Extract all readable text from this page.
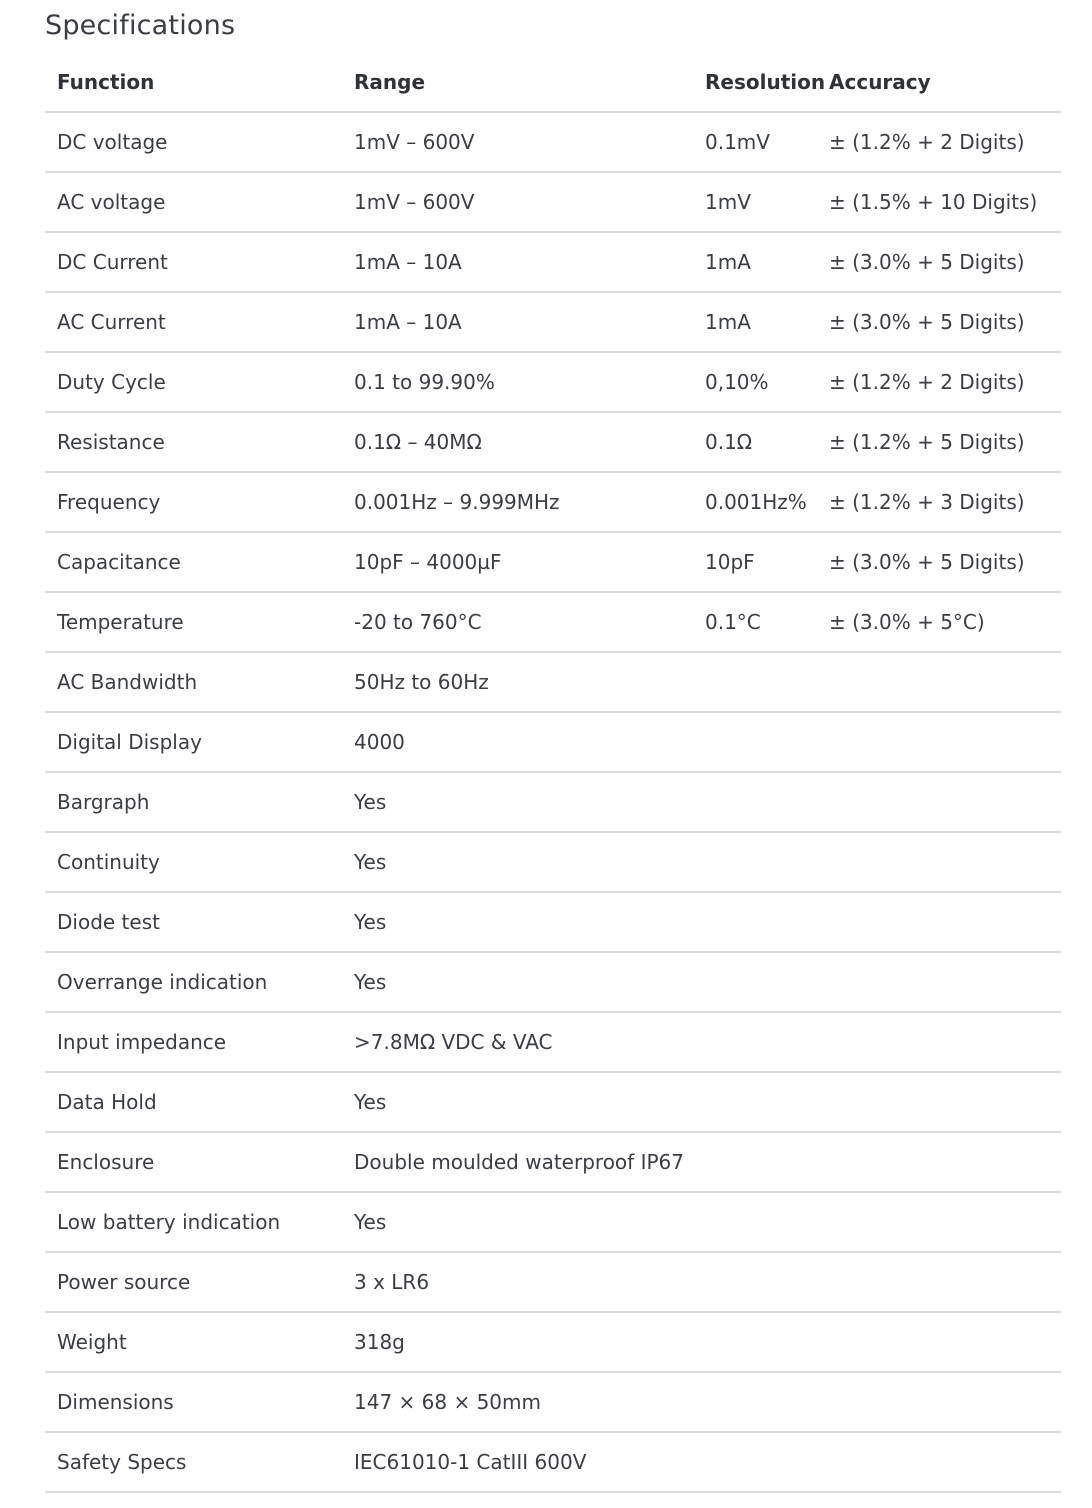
Specifications
Function	Range	Resolution	Accuracy
DC voltage	1mV – 600V	0.1mV	± (1.2% + 2 Digits)
AC voltage	1mV – 600V	1mV	± (1.5% + 10 Digits)
DC Current	1mA – 10A	1mA	± (3.0% + 5 Digits)
AC Current	1mA – 10A	1mA	± (3.0% + 5 Digits)
Duty Cycle	0.1 to 99.90%	0,10%	± (1.2% + 2 Digits)
Resistance	0.1Ω – 40MΩ	0.1Ω	± (1.2% + 5 Digits)
Frequency	0.001Hz – 9.999MHz	0.001Hz%	± (1.2% + 3 Digits)
Capacitance	10pF – 4000µF	10pF	± (3.0% + 5 Digits)
Temperature	-20 to 760°C	0.1°C	± (3.0% + 5°C)
AC Bandwidth	50Hz to 60Hz		
Digital Display	4000		
Bargraph	Yes		
Continuity	Yes		
Diode test	Yes		
Overrange indication	Yes		
Input impedance	>7.8MΩ VDC & VAC		
Data Hold	Yes		
Enclosure	Double moulded waterproof IP67		
Low battery indication	Yes		
Power source	3 x LR6		
Weight	318g		
Dimensions	147 × 68 × 50mm		
Safety Specs	IEC61010-1 CatIII 600V		
